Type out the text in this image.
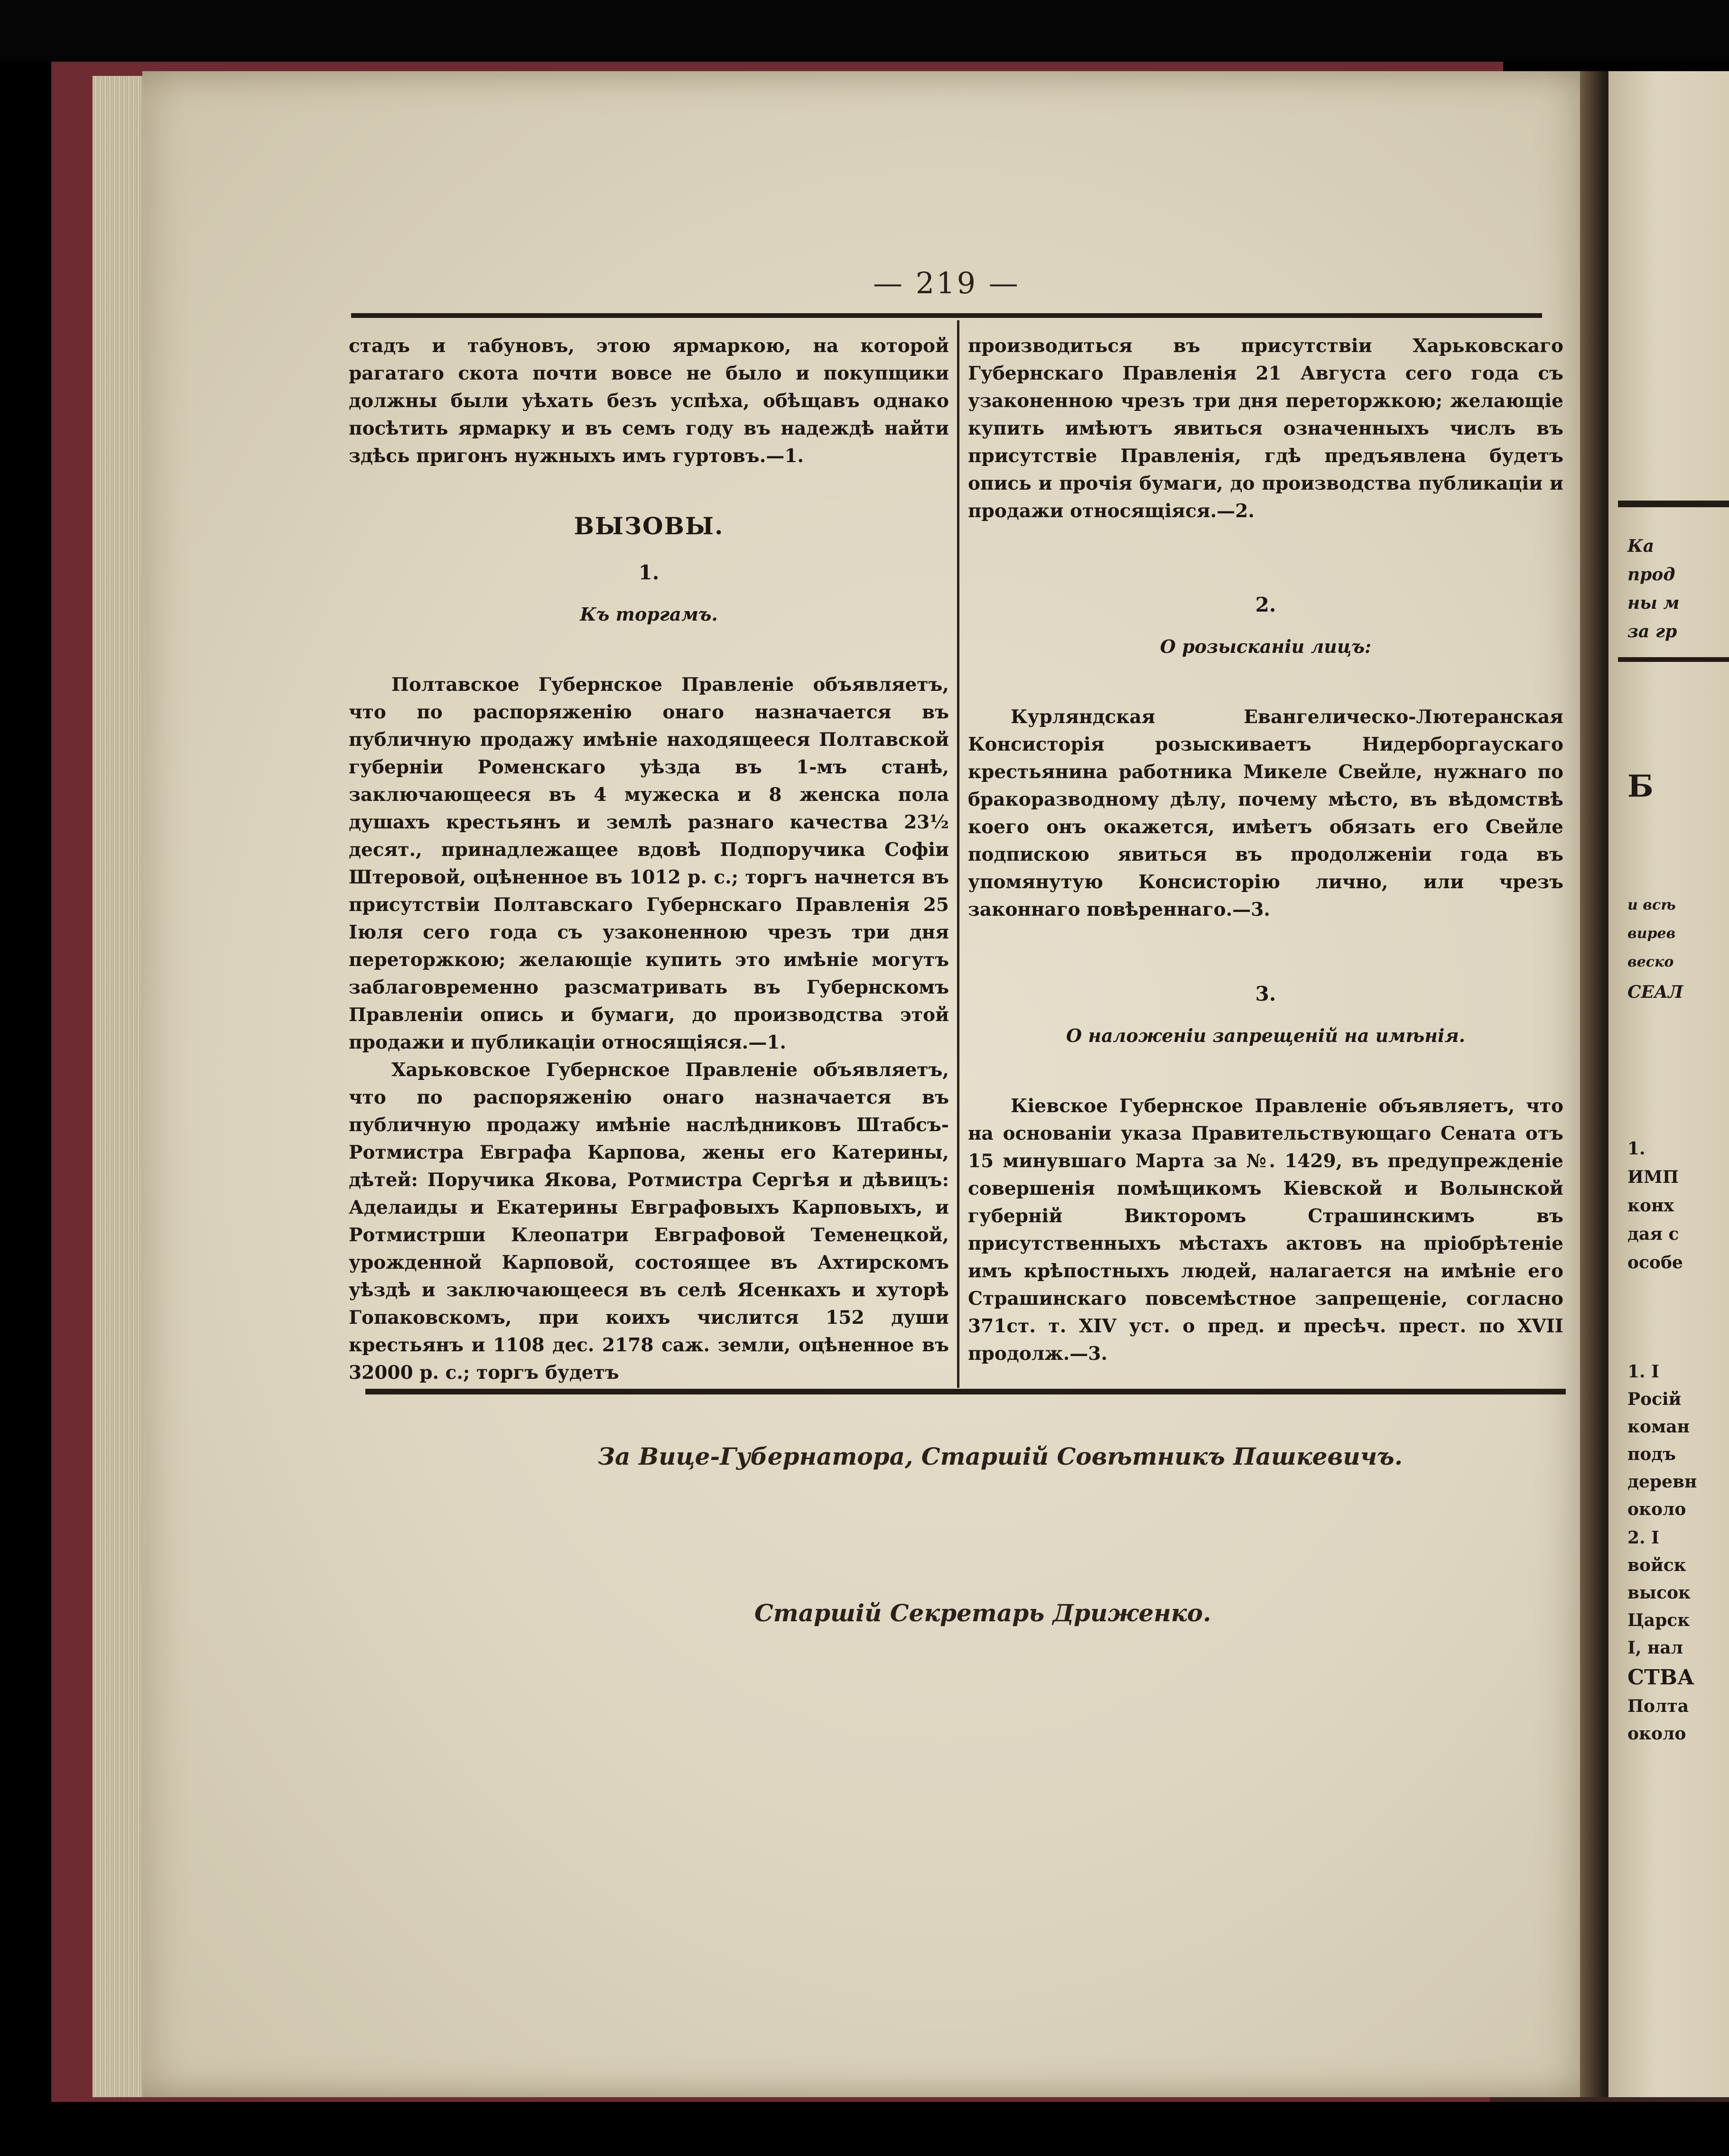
Ка
прод
ны м
за гр
Б
и всѣ
вирев
веско
СЕАЛ
1.
ИМП
конх
дая с
особе
1. I
Росій
коман
подъ
деревн
около
2. I
войск
высок
Царск
I, нал
СТВА
Полта
около
— 219 —

стадъ и табуновъ, этою ярмаркою, на которой рагатаго скота почти вовсе не было и покупщики должны были уѣхать безъ успѣха, обѣщавъ однако посѣтить ярмарку и въ семъ году въ надеждѣ найти здѣсь пригонъ нужныхъ имъ гуртовъ.—1.

ВЫЗОВЫ.
1.
Къ торгамъ.

Полтавское Губернское Правленіе объявляетъ, что по распоряженію онаго назначается въ публичную продажу имѣніе находящееся Полтавской губерніи Роменскаго уѣзда въ 1-мъ станѣ, заключающееся въ 4 мужеска и 8 женска пола душахъ крестьянъ и землѣ разнаго качества 23½ десят., принадлежащее вдовѣ Подпоручика Софіи Штеровой, оцѣненное въ 1012 р. с.; торгъ начнется въ присутствіи Полтавскаго Губернскаго Правленія 25 Іюля сего года съ узаконенною чрезъ три дня переторжкою; желающіе купить это имѣніе могутъ заблаговременно разсматривать въ Губернскомъ Правленіи опись и бумаги, до производства этой продажи и публикаціи относящіяся.—1.

Харьковское Губернское Правленіе объявляетъ, что по распоряженію онаго назначается въ публичную продажу имѣніе наслѣдниковъ Штабсъ-Ротмистра Евграфа Карпова, жены его Катерины, дѣтей: Поручика Якова, Ротмистра Сергѣя и дѣвицъ: Аделаиды и Екатерины Евграфовыхъ Карповыхъ, и Ротмистрши Клеопатри Евграфовой Теменецкой, урожденной Карповой, состоящее въ Ахтирскомъ уѣздѣ и заключающееся въ селѣ Ясенкахъ и хуторѣ Гопаковскомъ, при коихъ числится 152 души крестьянъ и 1108 дес. 2178 саж. земли, оцѣненное въ 32000 р. с.; торгъ будетъ

производиться въ присутствіи Харьковскаго Губернскаго Правленія 21 Августа сего года съ узаконенною чрезъ три дня переторжкою; желающіе купить имѣютъ явиться означенныхъ числъ въ присутствіе Правленія, гдѣ предъявлена будетъ опись и прочія бумаги, до производства публикаціи и продажи относящіяся.—2.

2.
О розысканіи лицъ:

Курляндская Евангелическо-Лютеранская Консисторія розыскиваетъ Нидерборгаускаго крестьянина работника Микеле Свейле, нужнаго по бракоразводному дѣлу, почему мѣсто, въ вѣдомствѣ коего онъ окажется, имѣетъ обязать его Свейле подпискою явиться въ продолженіи года въ упомянутую Консисторію лично, или чрезъ законнаго повѣреннаго.—3.

3.
О наложеніи запрещеній на имѣнія.

Кіевское Губернское Правленіе объявляетъ, что на основаніи указа Правительствующаго Сената отъ 15 минувшаго Марта за №. 1429, въ предупрежденіе совершенія помѣщикомъ Кіевской и Волынской губерній Викторомъ Страшинскимъ въ присутственныхъ мѣстахъ актовъ на пріобрѣтеніе имъ крѣпостныхъ людей, налагается на имѣніе его Страшинскаго повсемѣстное запрещеніе, согласно 371ст. т. XIV уст. о пред. и пресѣч. прест. по XVII продолж.—3.

За Вице-Губернатора, Старшій Совѣтникъ Пашкевичъ.
Старшій Секретарь Дриженко.
